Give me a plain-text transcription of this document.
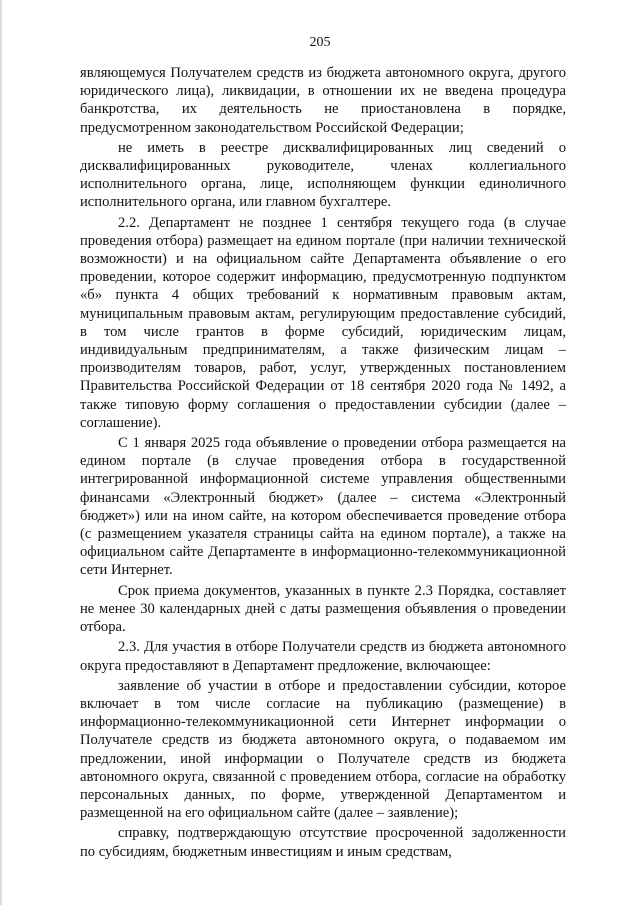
205

являющемуся Получателем средств из бюджета автономного округа, другого юридического лица), ликвидации, в отношении их не введена процедура банкротства, их деятельность не приостановлена в порядке, предусмотренном законодательством Российской Федерации;

не иметь в реестре дисквалифицированных лиц сведений о дисквалифицированных руководителе, членах коллегиального исполнительного органа, лице, исполняющем функции единоличного исполнительного органа, или главном бухгалтере.

2.2. Департамент не позднее 1 сентября текущего года (в случае проведения отбора) размещает на едином портале (при наличии технической возможности) и на официальном сайте Департамента объявление о его проведении, которое содержит информацию, предусмотренную подпунктом «б» пункта 4 общих требований к нормативным правовым актам, муниципальным правовым актам, регулирующим предоставление субсидий, в том числе грантов в форме субсидий, юридическим лицам, индивидуальным предпринимателям, а также физическим лицам – производителям товаров, работ, услуг, утвержденных постановлением Правительства Российской Федерации от 18 сентября 2020 года № 1492, а также типовую форму соглашения о предоставлении субсидии (далее – соглашение).

С 1 января 2025 года объявление о проведении отбора размещается на едином портале (в случае проведения отбора в государственной интегрированной информационной системе управления общественными финансами «Электронный бюджет» (далее – система «Электронный бюджет») или на ином сайте, на котором обеспечивается проведение отбора (с размещением указателя страницы сайта на едином портале), а также на официальном сайте Департаменте в информационно-телекоммуникационной сети Интернет.

Срок приема документов, указанных в пункте 2.3 Порядка, составляет не менее 30 календарных дней с даты размещения объявления о проведении отбора.

2.3. Для участия в отборе Получатели средств из бюджета автономного округа предоставляют в Департамент предложение, включающее:

заявление об участии в отборе и предоставлении субсидии, которое включает в том числе согласие на публикацию (размещение) в информационно-телекоммуникационной сети Интернет информации о Получателе средств из бюджета автономного округа, о подаваемом им предложении, иной информации о Получателе средств из бюджета автономного округа, связанной с проведением отбора, согласие на обработку персональных данных, по форме, утвержденной Департаментом и размещенной на его официальном сайте (далее – заявление);

справку, подтверждающую отсутствие просроченной задолженности по субсидиям, бюджетным инвестициям и иным средствам,
